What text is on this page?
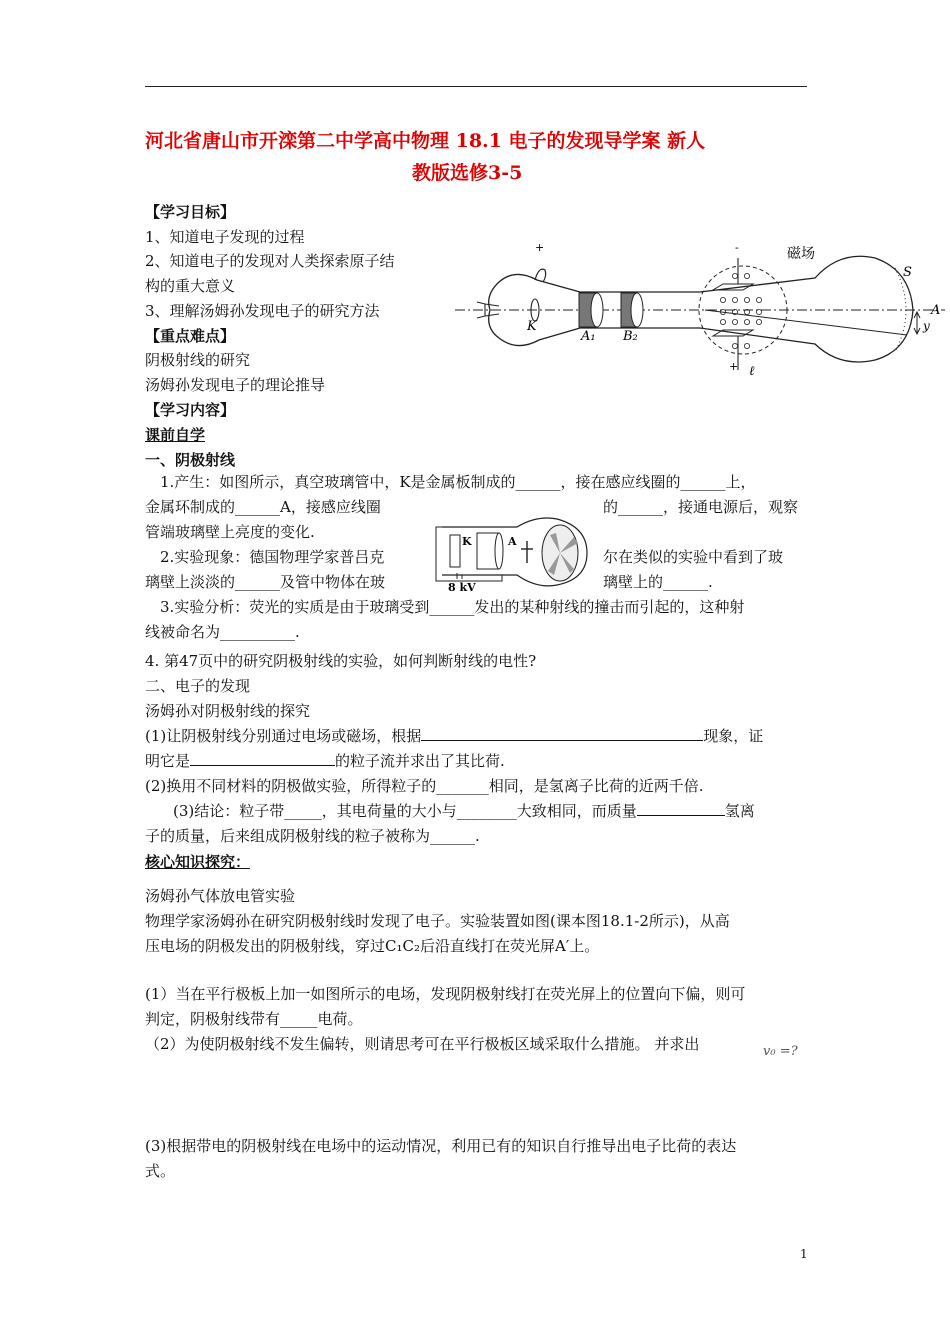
河北省唐山市开滦第二中学高中物理 18.1 电子的发现导学案 新人
教版选修3-5
【学习目标】
1、知道电子发现的过程
2、知道电子的发现对人类探索原子结
构的重大意义
3、理解汤姆孙发现电子的研究方法
【重点难点】
阴极射线的研究
汤姆孙发现电子的理论推导
【学习内容】
课前自学
一、阴极射线
+	-
+
磁场
S
A
K
A₁ B₂
ℓ
y
1.产生：如图所示，真空玻璃管中，K是金属板制成的______，接在感应线圈的______上，
金属环制成的______A，接感应线圈	的______，接通电源后，观察
管端玻璃壁上亮度的变化.
2.实验现象：德国物理学家普吕克	尔在类似的实验中看到了玻
璃壁上淡淡的______及管中物体在玻	璃壁上的______.
K	A
8 kV
3.实验分析：荧光的实质是由于玻璃受到______发出的某种射线的撞击而引起的，这种射
线被命名为__________.
4. 第47页中的研究阴极射线的实验，如何判断射线的电性?
二、电子的发现
汤姆孙对阴极射线的探究
(1)让阴极射线分别通过电场或磁场，根据	现象，证
明它是	的粒子流并求出了其比荷.
(2)换用不同材料的阴极做实验，所得粒子的_______相同，是氢离子比荷的近两千倍.
(3)结论：粒子带_____，其电荷量的大小与________大致相同，而质量	氢离
子的质量，后来组成阴极射线的粒子被称为______.
核心知识探究：
汤姆孙气体放电管实验
物理学家汤姆孙在研究阴极射线时发现了电子。实验装置如图(课本图18.1-2所示)，从高
压电场的阴极发出的阴极射线，穿过C₁C₂后沿直线打在荧光屏A′上。
(1）当在平行极板上加一如图所示的电场，发现阴极射线打在荧光屏上的位置向下偏，则可
判定，阴极射线带有_____电荷。
（2）为使阴极射线不发生偏转，则请思考可在平行极板区域采取什么措施。 并求出	v₀ =?
(3)根据带电的阴极射线在电场中的运动情况，利用已有的知识自行推导出电子比荷的表达
式。
1
